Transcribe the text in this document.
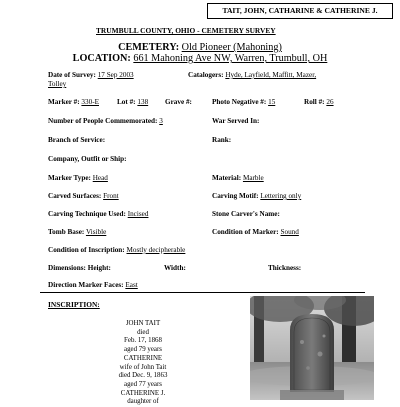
TAIT, JOHN, CATHARINE & CATHERINE J.
TRUMBULL COUNTY, OHIO - CEMETERY SURVEY
CEMETERY: Old Pioneer (Mahoning)
LOCATION: 661 Mahoning Ave NW, Warren, Trumbull, OH
Date of Survey: 17 Sep 2003	Catalogers: Hyde, Layfield, Maffitt, Mazer,
Tolley
Marker #: 330-E	Lot #: 138 Grave #:	Photo Negative #: 15	Roll #: 26
Number of People Commemorated: 3	War Served In:
Branch of Service:	Rank:
Company, Outfit or Ship:
Marker Type: Head	Material: Marble
Carved Surfaces: Front	Carving Motif: Lettering only
Carving Technique Used: Incised	Stone Carver's Name:
Tomb Base: Visible	Condition of Marker: Sound
Condition of Inscription: Mostly decipherable
Dimensions: Height:	Width:	Thickness:
Direction Marker Faces: East
INSCRIPTION:
JOHN TAIT
died
Feb. 17, 1868
aged 79 years
CATHERINE
wife of John Tait
died Dec. 9, 1863
aged 77 years
CATHERINE J.
daughter of
